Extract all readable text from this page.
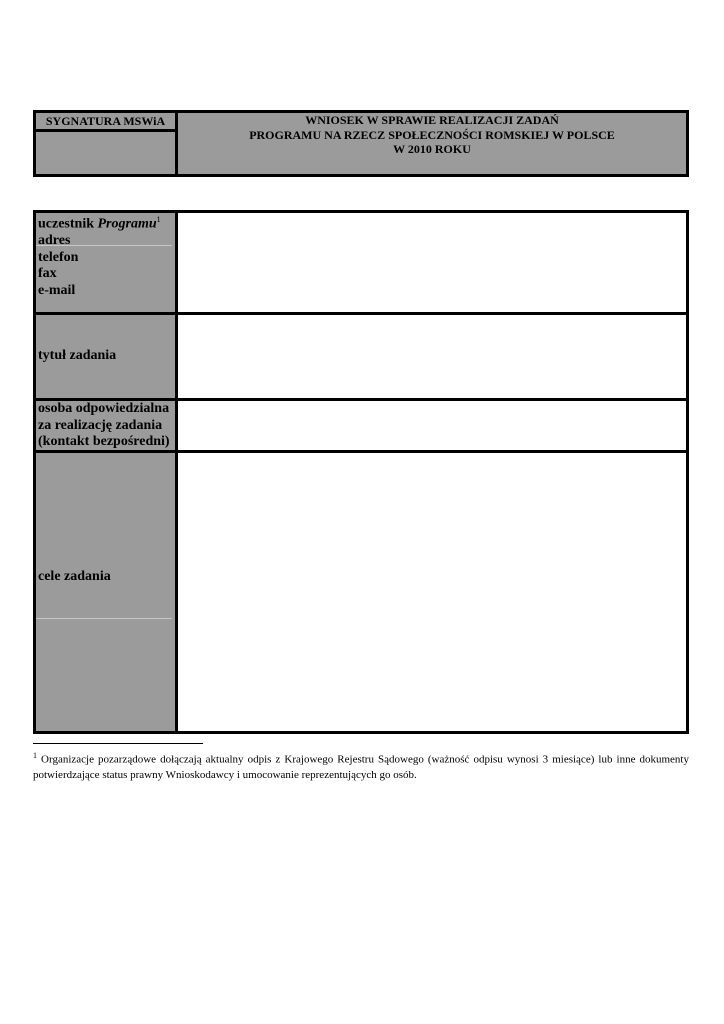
SYGNATURA MSWiA	WNIOSEK W SPRAWIE REALIZACJI ZADAŃ
PROGRAMU NA RZECZ SPOŁECZNOŚCI ROMSKIEJ W POLSCE
W 2010 ROKU
uczestnik Programu$^1$
adres
telefon
fax
e-mail
tytuł zadania
osoba odpowiedzialna
za realizację zadania
(kontakt bezpośredni)
cele zadania
$^1$ Organizacje pozarządowe dołączają aktualny odpis z Krajowego Rejestru Sądowego (ważność odpisu wynosi 3 miesiące) lub inne dokumenty potwierdzające status prawny Wnioskodawcy i umocowanie reprezentujących go osób.
